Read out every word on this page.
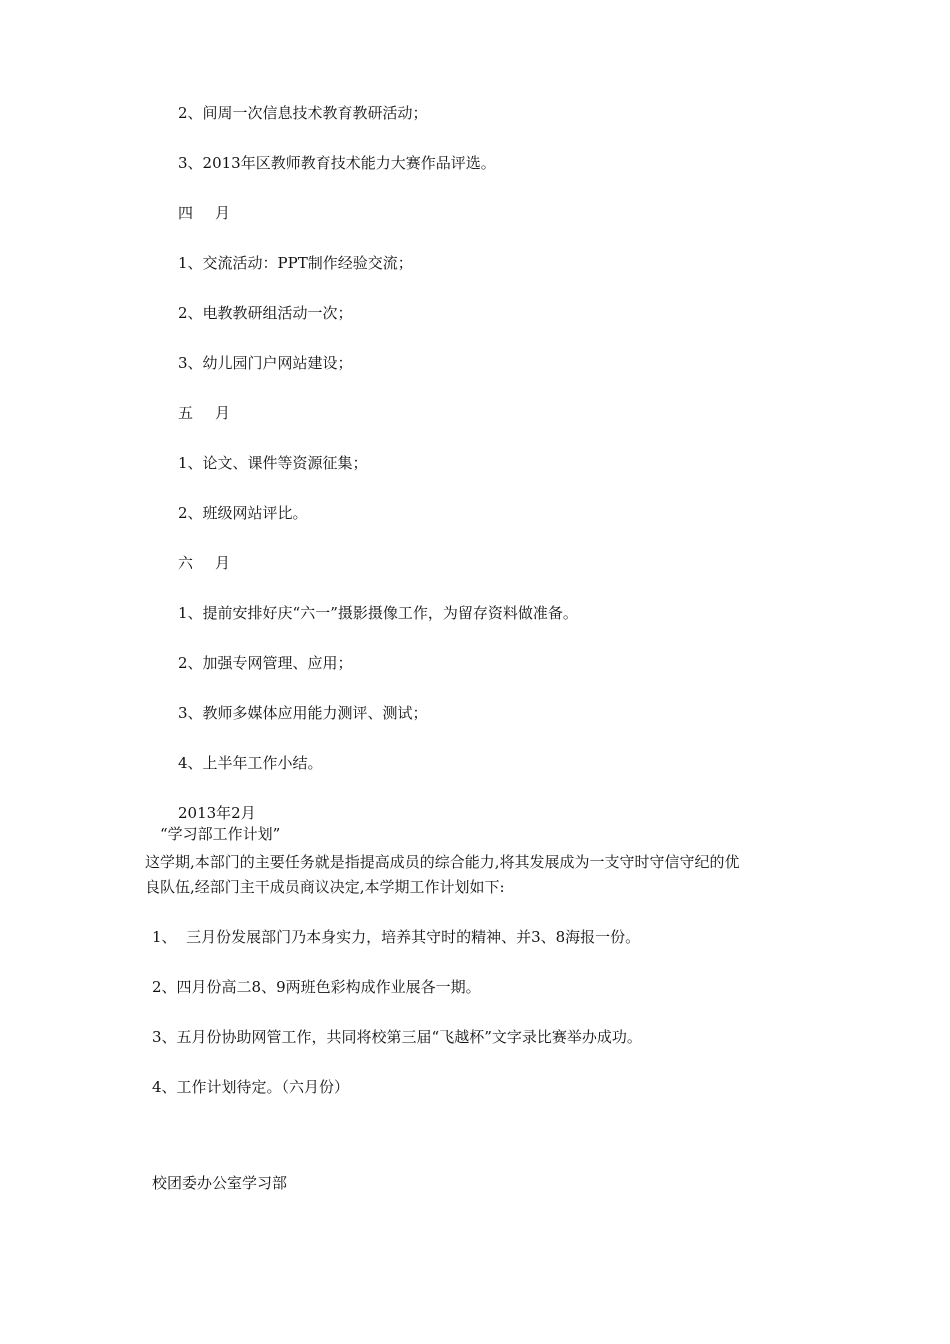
2、间周一次信息技术教育教研活动；

3、2013年区教师教育技术能力大赛作品评选。

四 月

1、交流活动：PPT制作经验交流；

2、电教教研组活动一次；

3、幼儿园门户网站建设；

五 月

1、论文、课件等资源征集；

2、班级网站评比。

六 月

1、提前安排好庆“六一”摄影摄像工作，为留存资料做准备。

2、加强专网管理、应用；

3、教师多媒体应用能力测评、测试；

4、上半年工作小结。

2013年2月

“学习部工作计划”

这学期,本部门的主要任务就是指提高成员的综合能力,将其发展成为一支守时守信守纪的优

良队伍,经部门主干成员商议决定,本学期工作计划如下:

1、  三月份发展部门乃本身实力，培养其守时的精神、并3、8海报一份。

2、四月份高二8、9两班色彩构成作业展各一期。

3、五月份协助网管工作，共同将校第三届“飞越杯”文字录比赛举办成功。

4、工作计划待定。（六月份）

校团委办公室学习部
